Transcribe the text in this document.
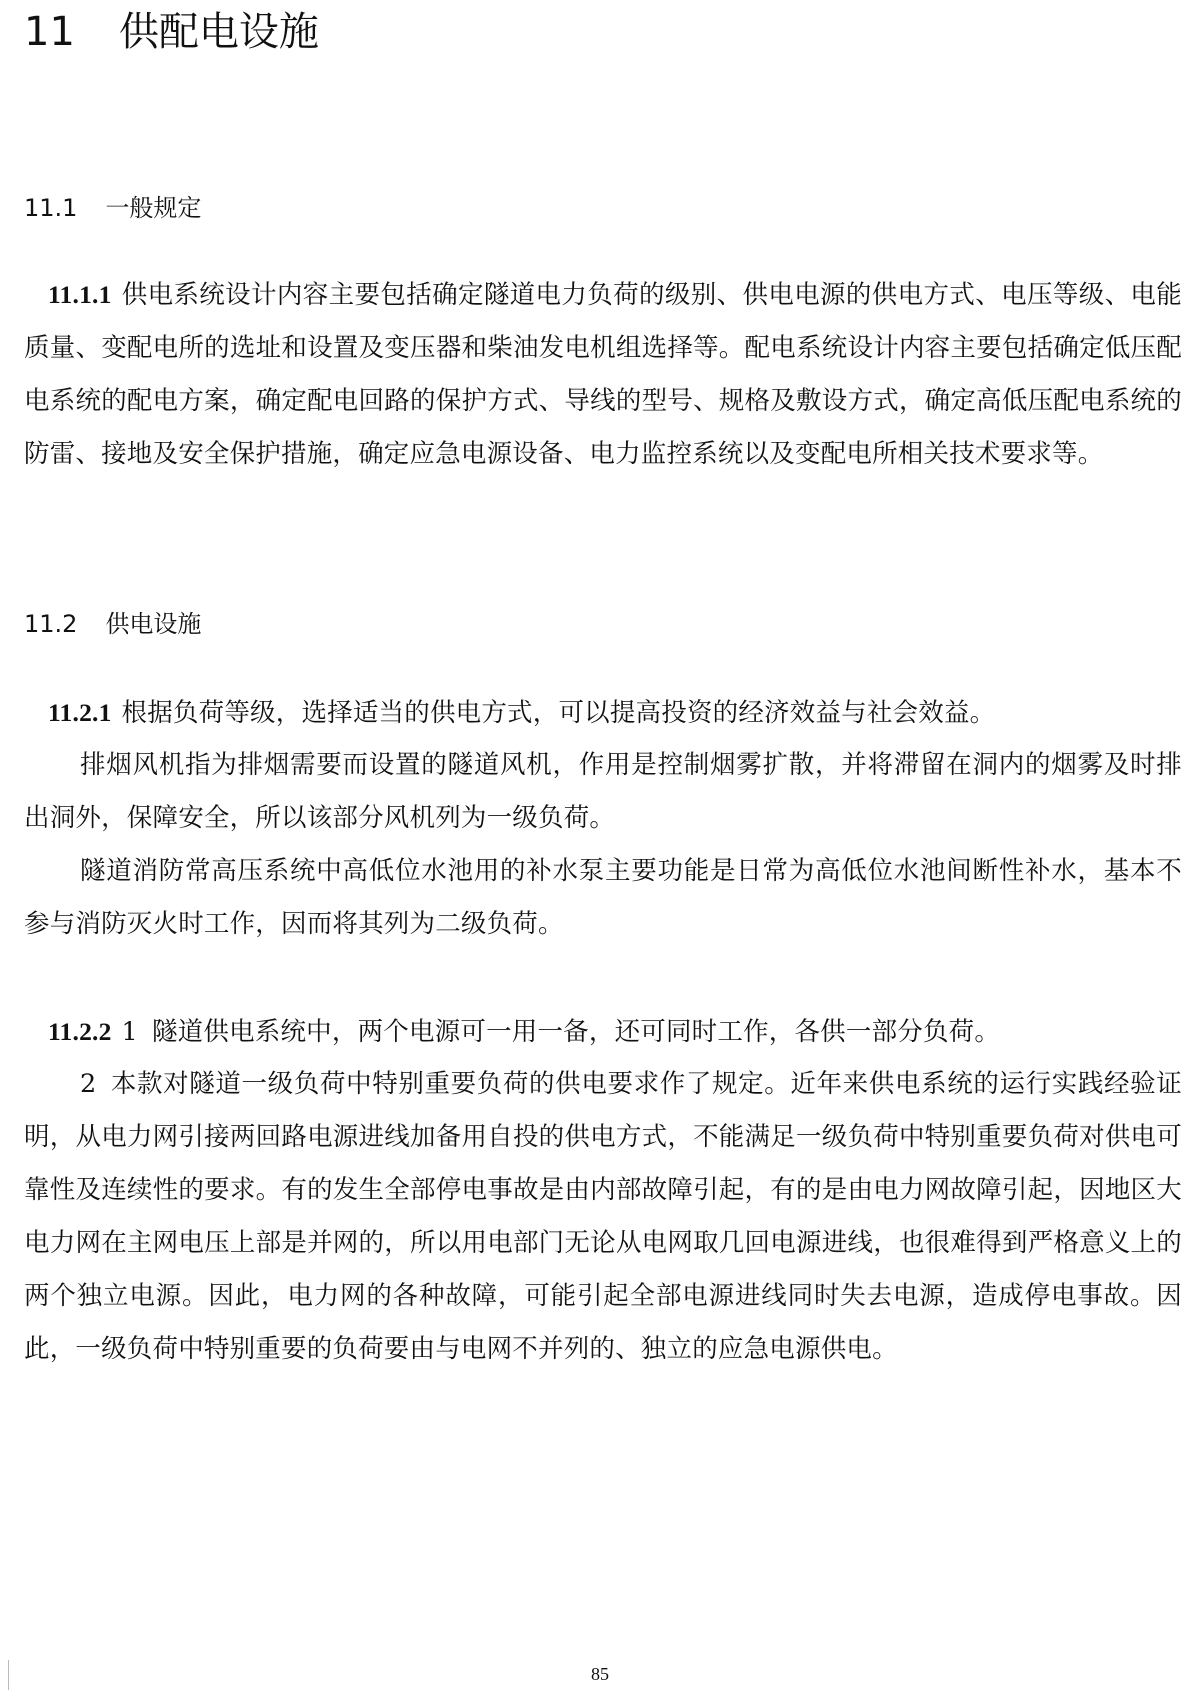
11 供配电设施
11.1 一般规定

11.1.1 供电系统设计内容主要包括确定隧道电力负荷的级别、供电电源的供电方式、电压等级、电能质量、变配电所的选址和设置及变压器和柴油发电机组选择等。配电系统设计内容主要包括确定低压配电系统的配电方案，确定配电回路的保护方式、导线的型号、规格及敷设方式，确定高低压配电系统的防雷、接地及安全保护措施，确定应急电源设备、电力监控系统以及变配电所相关技术要求等。

11.2 供电设施

11.2.1 根据负荷等级，选择适当的供电方式，可以提高投资的经济效益与社会效益。

排烟风机指为排烟需要而设置的隧道风机，作用是控制烟雾扩散，并将滞留在洞内的烟雾及时排出洞外，保障安全，所以该部分风机列为一级负荷。

隧道消防常高压系统中高低位水池用的补水泵主要功能是日常为高低位水池间断性补水，基本不参与消防灭火时工作，因而将其列为二级负荷。

11.2.2 1 隧道供电系统中，两个电源可一用一备，还可同时工作，各供一部分负荷。

2 本款对隧道一级负荷中特别重要负荷的供电要求作了规定。近年来供电系统的运行实践经验证明，从电力网引接两回路电源进线加备用自投的供电方式，不能满足一级负荷中特别重要负荷对供电可靠性及连续性的要求。有的发生全部停电事故是由内部故障引起，有的是由电力网故障引起，因地区大电力网在主网电压上部是并网的，所以用电部门无论从电网取几回电源进线，也很难得到严格意义上的两个独立电源。因此，电力网的各种故障，可能引起全部电源进线同时失去电源，造成停电事故。因此，一级负荷中特别重要的负荷要由与电网不并列的、独立的应急电源供电。

85
